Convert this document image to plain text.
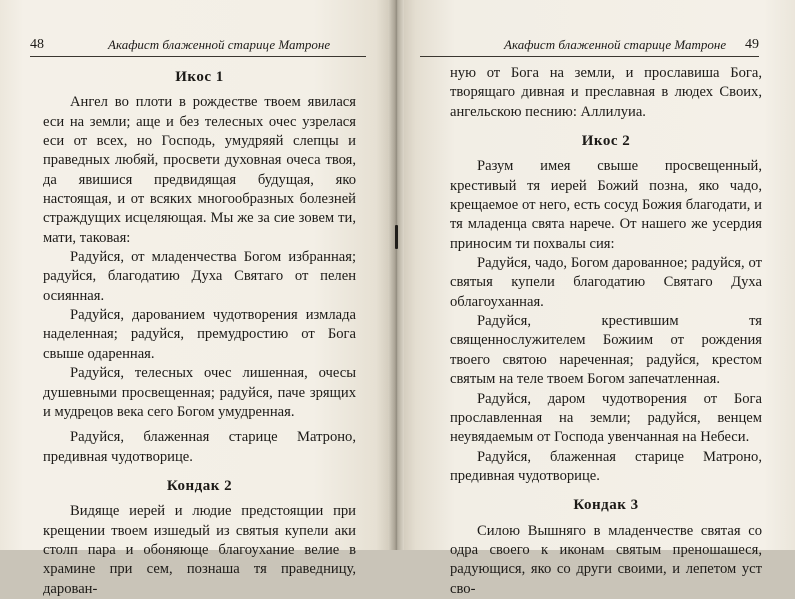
48	Акафист блаженной старице Матроне
Икос 1

Ангел во плоти в рождестве твоем явилася еси на земли; аще и без телесных очес узрелася еси от всех, но Господь, умудряяй слепцы и праведных любяй, просвети духовная очеса твоя, да явишися предвидящая будущая, яко настоящая, и от всяких многообразных болезней страждущих исцеляющая. Мы же за сие зовем ти, мати, таковая:

Радуйся, от младенчества Богом избранная; радуйся, благодатию Духа Святаго от пелен осиянная.

Радуйся, дарованием чудотворения измлада наделенная; радуйся, премудростию от Бога свыше одаренная.

Радуйся, телесных очес лишенная, очесы душевными просвещенная; радуйся, паче зрящих и мудрецов века сего Богом умудренная.

Радуйся, блаженная старице Матроно, предивная чудотворице.

Кондак 2

Видяще иерей и людие предстоящии при крещении твоем изшедый из святыя купели аки столп пара и обоняюще благоухание велие в храмине при сем, познаша тя праведницу, дарован-

Акафист блаженной старице Матроне 49

ную от Бога на земли, и прославиша Бога, творящаго дивная и преславная в людех Своих, ангельскою песнию: Аллилуиа.

Икос 2

Разум имея свыше просвещенный, крестивый тя иерей Божий позна, яко чадо, крещаемое от него, есть сосуд Божия благодати, и тя младенца свята нарече. От нашего же усердия приносим ти похвалы сия:

Радуйся, чадо, Богом дарованное; радуйся, от святыя купели благодатию Святаго Духа облагоуханная.

Радуйся, крестившим тя священнослужителем Божиим от рождения твоего святою нареченная; радуйся, крестом святым на теле твоем Богом запечатленная.

Радуйся, даром чудотворения от Бога прославленная на земли; радуйся, венцем неувядаемым от Господа увенчанная на Небеси.

Радуйся, блаженная старице Матроно, предивная чудотворице.

Кондак 3

Силою Вышняго в младенчестве святая со одра своего к иконам святым преношашеся, радующися, яко со други своими, и лепетом уст сво-
